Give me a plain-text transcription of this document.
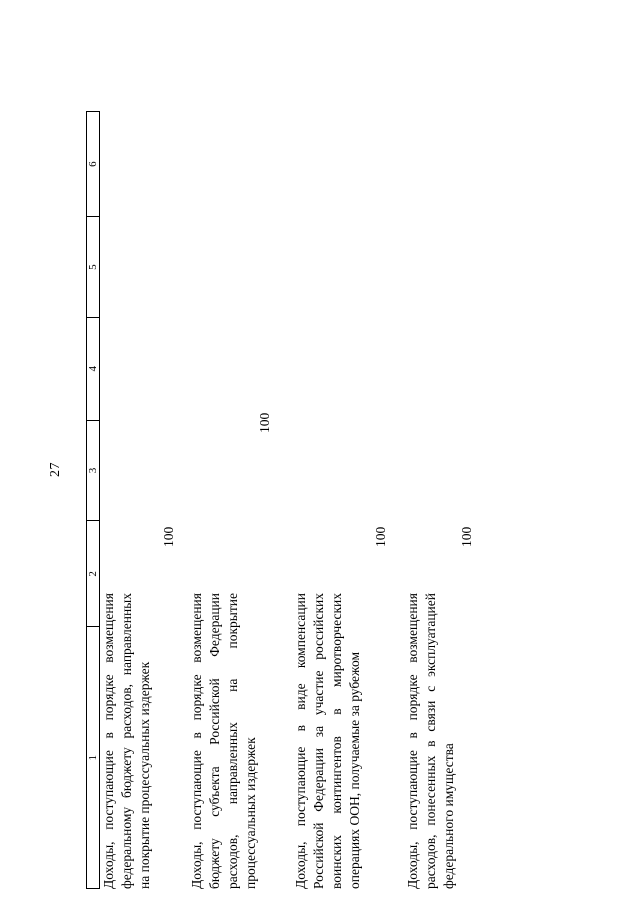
27
1
2
3
4
5
6
Доходы, поступающие в порядке возмещения федеральному бюджету расходов, направленных на покрытие процессуальных издержек
100
Доходы, поступающие в порядке возмещения бюджету субъекта Российской Федерации расходов, направленных на покрытие процессуальных издержек
100
Доходы, поступающие в виде компенсации Российской Федерации за участие российских воинских контингентов в миротворческих операциях ООН, получаемые за рубежом
100
Доходы, поступающие в порядке возмещения расходов, понесенных в связи с эксплуатацией федерального имущества
100
